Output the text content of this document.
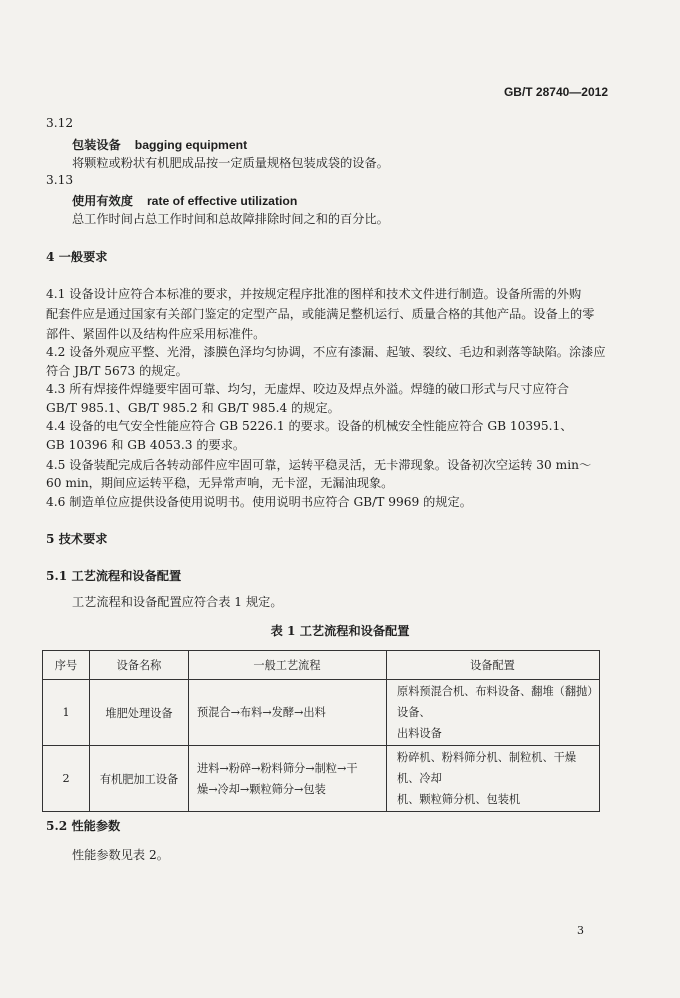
GB/T 28740—2012
3.12
包装设备 bagging equipment
将颗粒或粉状有机肥成品按一定质量规格包装成袋的设备。
3.13
使用有效度 rate of effective utilization
总工作时间占总工作时间和总故障排除时间之和的百分比。
4 一般要求
4.1 设备设计应符合本标准的要求，并按规定程序批准的图样和技术文件进行制造。设备所需的外购
配套件应是通过国家有关部门鉴定的定型产品，或能满足整机运行、质量合格的其他产品。设备上的零
部件、紧固件以及结构件应采用标准件。
4.2 设备外观应平整、光滑，漆膜色泽均匀协调，不应有漆漏、起皱、裂纹、毛边和剥落等缺陷。涂漆应
符合 JB/T 5673 的规定。
4.3 所有焊接件焊缝要牢固可靠、均匀，无虚焊、咬边及焊点外溢。焊缝的破口形式与尺寸应符合
GB/T 985.1、GB/T 985.2 和 GB/T 985.4 的规定。
4.4 设备的电气安全性能应符合 GB 5226.1 的要求。设备的机械安全性能应符合 GB 10395.1、
GB 10396 和 GB 4053.3 的要求。
4.5 设备装配完成后各转动部件应牢固可靠，运转平稳灵活，无卡滞现象。设备初次空运转 30 min～
60 min，期间应运转平稳，无异常声响，无卡涩，无漏油现象。
4.6 制造单位应提供设备使用说明书。使用说明书应符合 GB/T 9969 的规定。
5 技术要求
5.1 工艺流程和设备配置
工艺流程和设备配置应符合表 1 规定。
表 1 工艺流程和设备配置
序号	设备名称	一般工艺流程	设备配置
1	堆肥处理设备	预混合→布料→发酵→出料	原料预混合机、布料设备、翻堆（翻抛）设备、
出料设备

2	有机肥加工设备	进料→粉碎→粉料筛分→制粒→干
燥→冷却→颗粒筛分→包装	粉碎机、粉料筛分机、制粒机、干燥机、冷却
机、颗粒筛分机、包装机
5.2 性能参数
性能参数见表 2。
3
